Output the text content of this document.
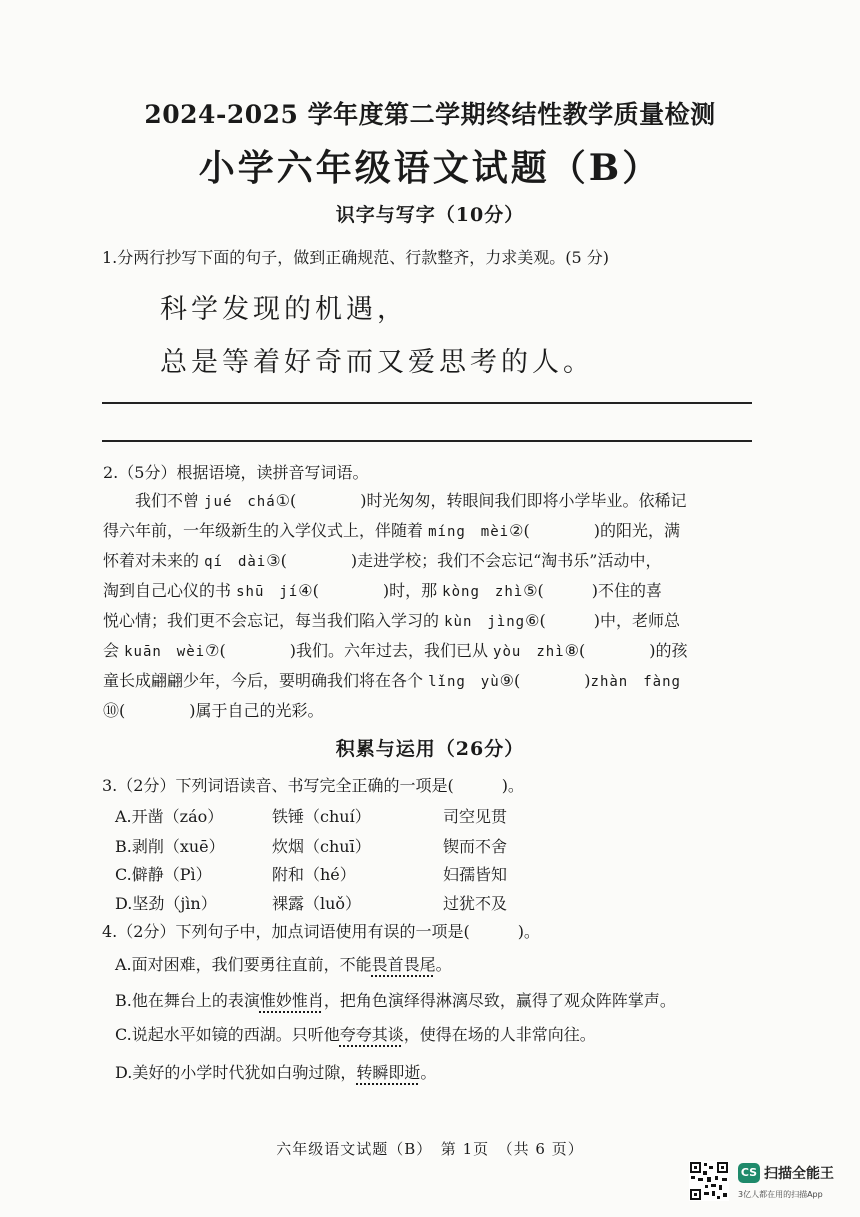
2024-2025 学年度第二学期终结性教学质量检测
小学六年级语文试题（B）
识字与写字（10分）
1.分两行抄写下面的句子，做到正确规范、行款整齐，力求美观。(5 分)
科学发现的机遇，
总是等着好奇而又爱思考的人。
2.（5分）根据语境，读拼音写词语。
　　我们不曾 jué　chá①(　　　　)时光匆匆，转眼间我们即将小学毕业。依稀记
得六年前，一年级新生的入学仪式上，伴随着 míng　mèi②(　　　　)的阳光，满
怀着对未来的 qí　dài③(　　　　)走进学校；我们不会忘记“淘书乐”活动中，
淘到自己心仪的书 shū　jí④(　　　　)时，那 kòng　zhì⑤(　　　)不住的喜
悦心情；我们更不会忘记，每当我们陷入学习的 kùn　jìng⑥(　　　)中，老师总
会 kuān　wèi⑦(　　　　)我们。六年过去，我们已从 yòu　zhì⑧(　　　　)的孩
童长成翩翩少年，今后，要明确我们将在各个 lǐng　yù⑨(　　　　)zhàn　fàng
⑩(　　　　)属于自己的光彩。
积累与运用（26分）
3.（2分）下列词语读音、书写完全正确的一项是(　　　)。
A.开凿（záo）	铁锤（chuí）	司空见贯
B.剥削（xuē）	炊烟（chuī）	锲而不舍
C.僻静（Pì）	附和（hé）	妇孺皆知
D.坚劲（jìn）	裸露（luǒ）	过犹不及
4.（2分）下列句子中，加点词语使用有误的一项是(　　　)。
A.面对困难，我们要勇往直前，不能畏首畏尾。
B.他在舞台上的表演惟妙惟肖，把角色演绎得淋漓尽致，赢得了观众阵阵掌声。
C.说起水平如镜的西湖。只听他夸夸其谈，使得在场的人非常向往。
D.美好的小学时代犹如白驹过隙，转瞬即逝。
六年级语文试题（B）　第 1页　（共 6 页）
CS 扫描全能王
3亿人都在用的扫描App
